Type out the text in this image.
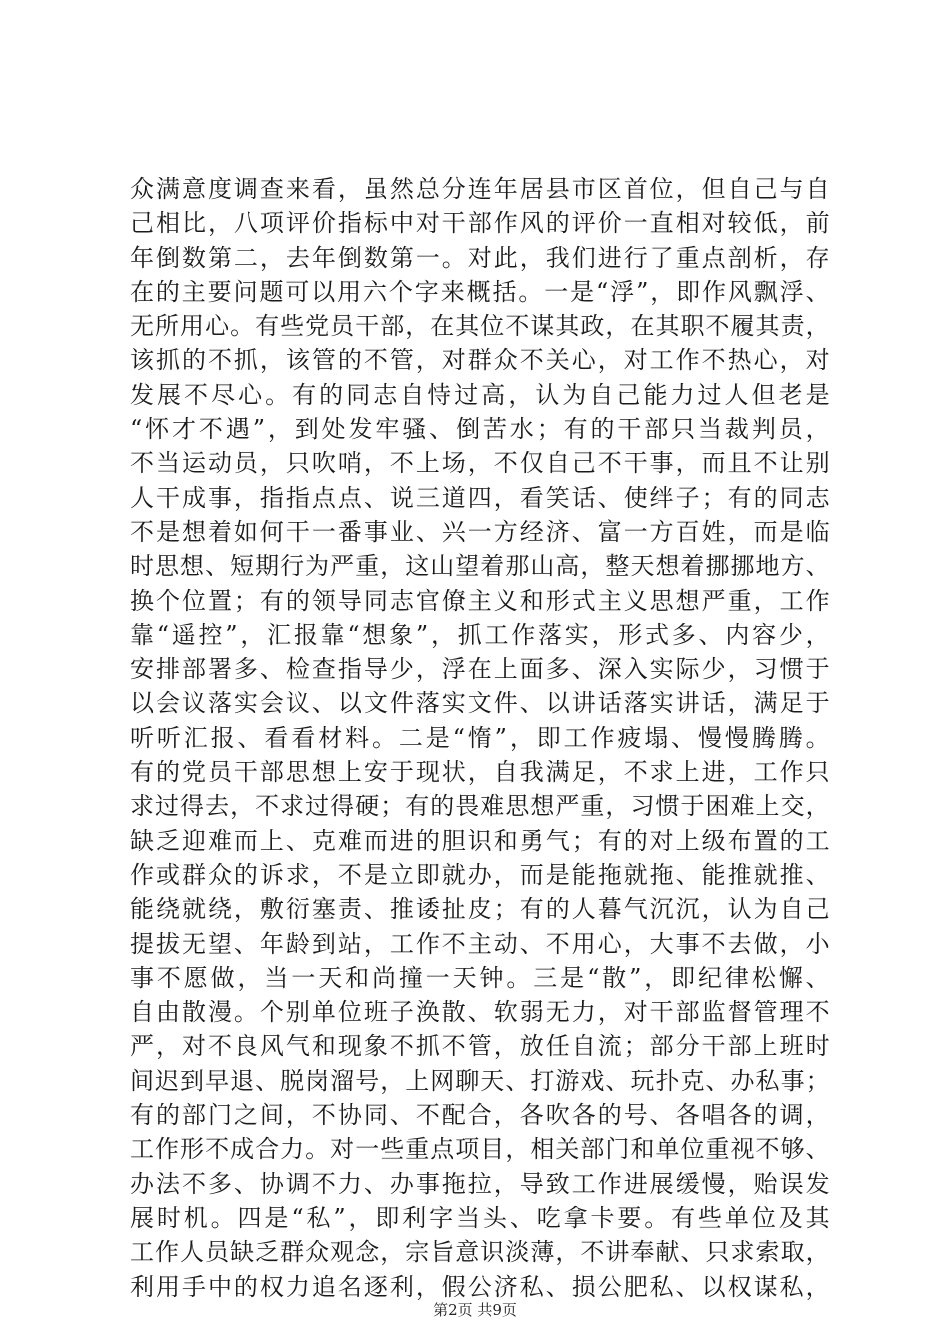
众满意度调查来看，虽然总分连年居县市区首位，但自己与自
己相比，八项评价指标中对干部作风的评价一直相对较低，前
年倒数第二，去年倒数第一。对此，我们进行了重点剖析，存
在的主要问题可以用六个字来概括。一是“浮”，即作风飘浮、
无所用心。有些党员干部，在其位不谋其政，在其职不履其责，
该抓的不抓，该管的不管，对群众不关心，对工作不热心，对
发展不尽心。有的同志自恃过高，认为自己能力过人但老是
“怀才不遇”，到处发牢骚、倒苦水；有的干部只当裁判员，
不当运动员，只吹哨，不上场，不仅自己不干事，而且不让别
人干成事，指指点点、说三道四，看笑话、使绊子；有的同志
不是想着如何干一番事业、兴一方经济、富一方百姓，而是临
时思想、短期行为严重，这山望着那山高，整天想着挪挪地方、
换个位置；有的领导同志官僚主义和形式主义思想严重，工作
靠“遥控”，汇报靠“想象”，抓工作落实，形式多、内容少，
安排部署多、检查指导少，浮在上面多、深入实际少，习惯于
以会议落实会议、以文件落实文件、以讲话落实讲话，满足于
听听汇报、看看材料。二是“惰”，即工作疲塌、慢慢腾腾。
有的党员干部思想上安于现状，自我满足，不求上进，工作只
求过得去，不求过得硬；有的畏难思想严重，习惯于困难上交，
缺乏迎难而上、克难而进的胆识和勇气；有的对上级布置的工
作或群众的诉求，不是立即就办，而是能拖就拖、能推就推、
能绕就绕，敷衍塞责、推诿扯皮；有的人暮气沉沉，认为自己
提拔无望、年龄到站，工作不主动、不用心，大事不去做，小
事不愿做，当一天和尚撞一天钟。三是“散”，即纪律松懈、
自由散漫。个别单位班子涣散、软弱无力，对干部监督管理不
严，对不良风气和现象不抓不管，放任自流；部分干部上班时
间迟到早退、脱岗溜号，上网聊天、打游戏、玩扑克、办私事；
有的部门之间，不协同、不配合，各吹各的号、各唱各的调，
工作形不成合力。对一些重点项目，相关部门和单位重视不够、
办法不多、协调不力、办事拖拉，导致工作进展缓慢，贻误发
展时机。四是“私”，即利字当头、吃拿卡要。有些单位及其
工作人员缺乏群众观念，宗旨意识淡薄，不讲奉献、只求索取，
利用手中的权力追名逐利，假公济私、损公肥私、以权谋私，
第2页 共9页
